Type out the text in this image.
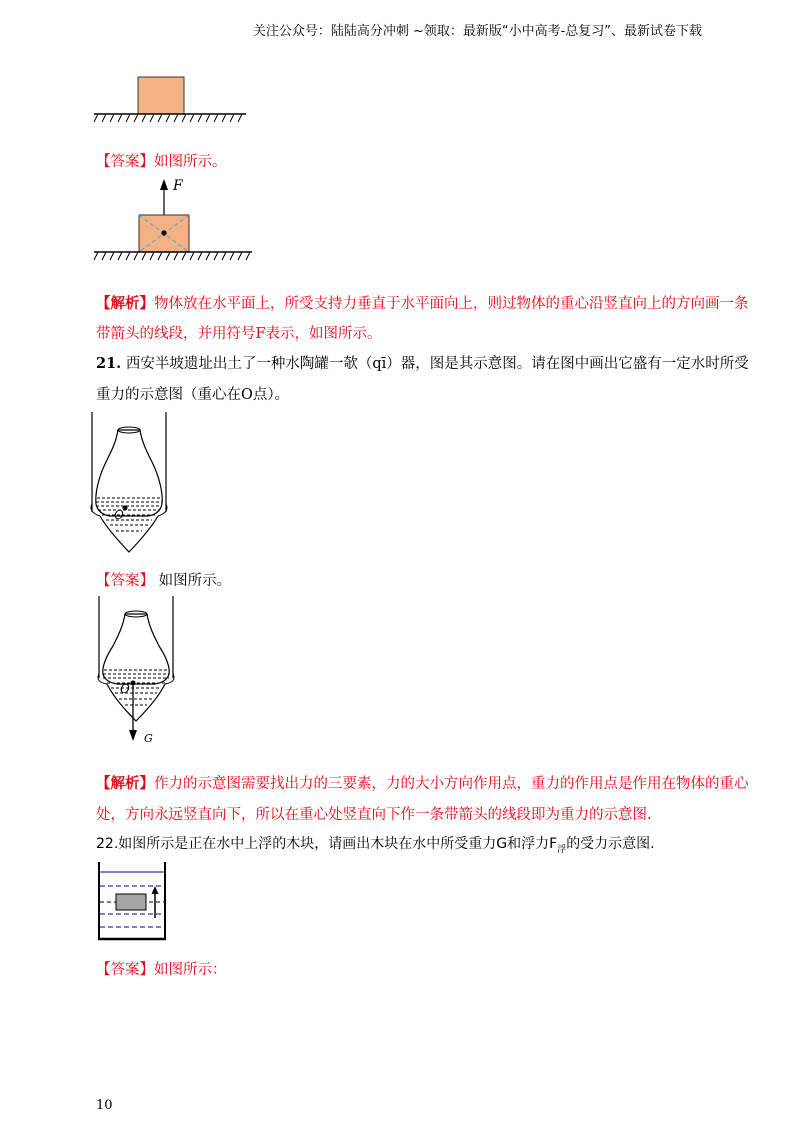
关注公众号：陆陆高分冲刺 ~领取：最新版“小中高考-总复习”、最新试卷下载
【答案】如图所示。
F
【解析】物体放在水平面上，所受支持力垂直于水平面向上，则过物体的重心沿竖直向上的方向画一条
带箭头的线段，并用符号F表示，如图所示。
21. 西安半坡遗址出土了一种水陶罐一欹（qī）器，图是其示意图。请在图中画出它盛有一定水时所受
重力的示意图（重心在O点）。
O
【答案】 如图所示。
O
G
【解析】作力的示意图需要找出力的三要素，力的大小方向作用点，重力的作用点是作用在物体的重心
处，方向永远竖直向下，所以在重心处竖直向下作一条带箭头的线段即为重力的示意图.
22.如图所示是正在水中上浮的木块，请画出木块在水中所受重力G和浮力$F_浮$的受力示意图.
【答案】如图所示：
10
